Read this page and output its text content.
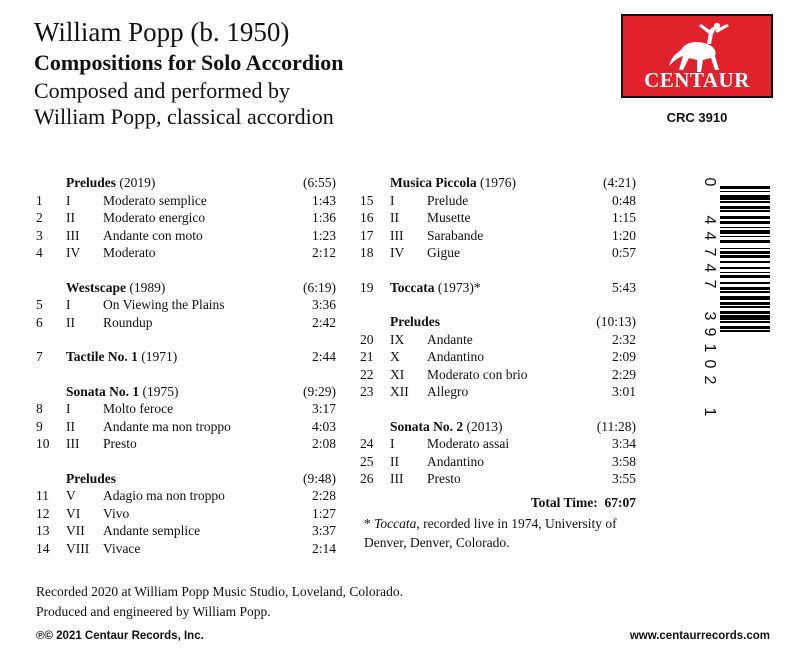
William Popp (b. 1950)
Compositions for Solo Accordion
Composed and performed by
William Popp, classical accordion
CENTAUR
CRC 3910
Preludes (2019)	(6:55)
1 I Moderato semplice	1:43
2 II Moderato energico	1:36
3 III Andante con moto	1:23
4 IV Moderato	2:12
Westscape (1989)	(6:19)
5 I On Viewing the Plains	3:36
6 II Roundup	2:42
7 Tactile No. 1 (1971)	2:44
Sonata No. 1 (1975)	(9:29)
8 I Molto feroce	3:17
9 II Andante ma non troppo	4:03
10 III Presto	2:08
Preludes	(9:48)
11 V Adagio ma non troppo	2:28
12 VI Vivo	1:27
13 VII Andante semplice	3:37
14 VIII Vivace	2:14
Musica Piccola (1976)	(4:21)
15 I Prelude	0:48
16 II Musette	1:15
17 III Sarabande	1:20
18 IV Gigue	0:57
19 Toccata (1973)*	5:43
Preludes	(10:13)
20 IX Andante	2:32
21 X Andantino	2:09
22 XI Moderato con brio	2:29
23 XII Allegro	3:01
Sonata No. 2 (2013)	(11:28)
24 I Moderato assai	3:34
25 II Andantino	3:58
26 III Presto	3:55
Total Time: 67:07
* Toccata, recorded live in 1974, University of
Denver, Denver, Colorado.
0
4
4
7
4
7
3
9
1
0
2
1
Recorded 2020 at William Popp Music Studio, Loveland, Colorado.
Produced and engineered by William Popp.
℗© 2021 Centaur Records, Inc.	www.centaurrecords.com
